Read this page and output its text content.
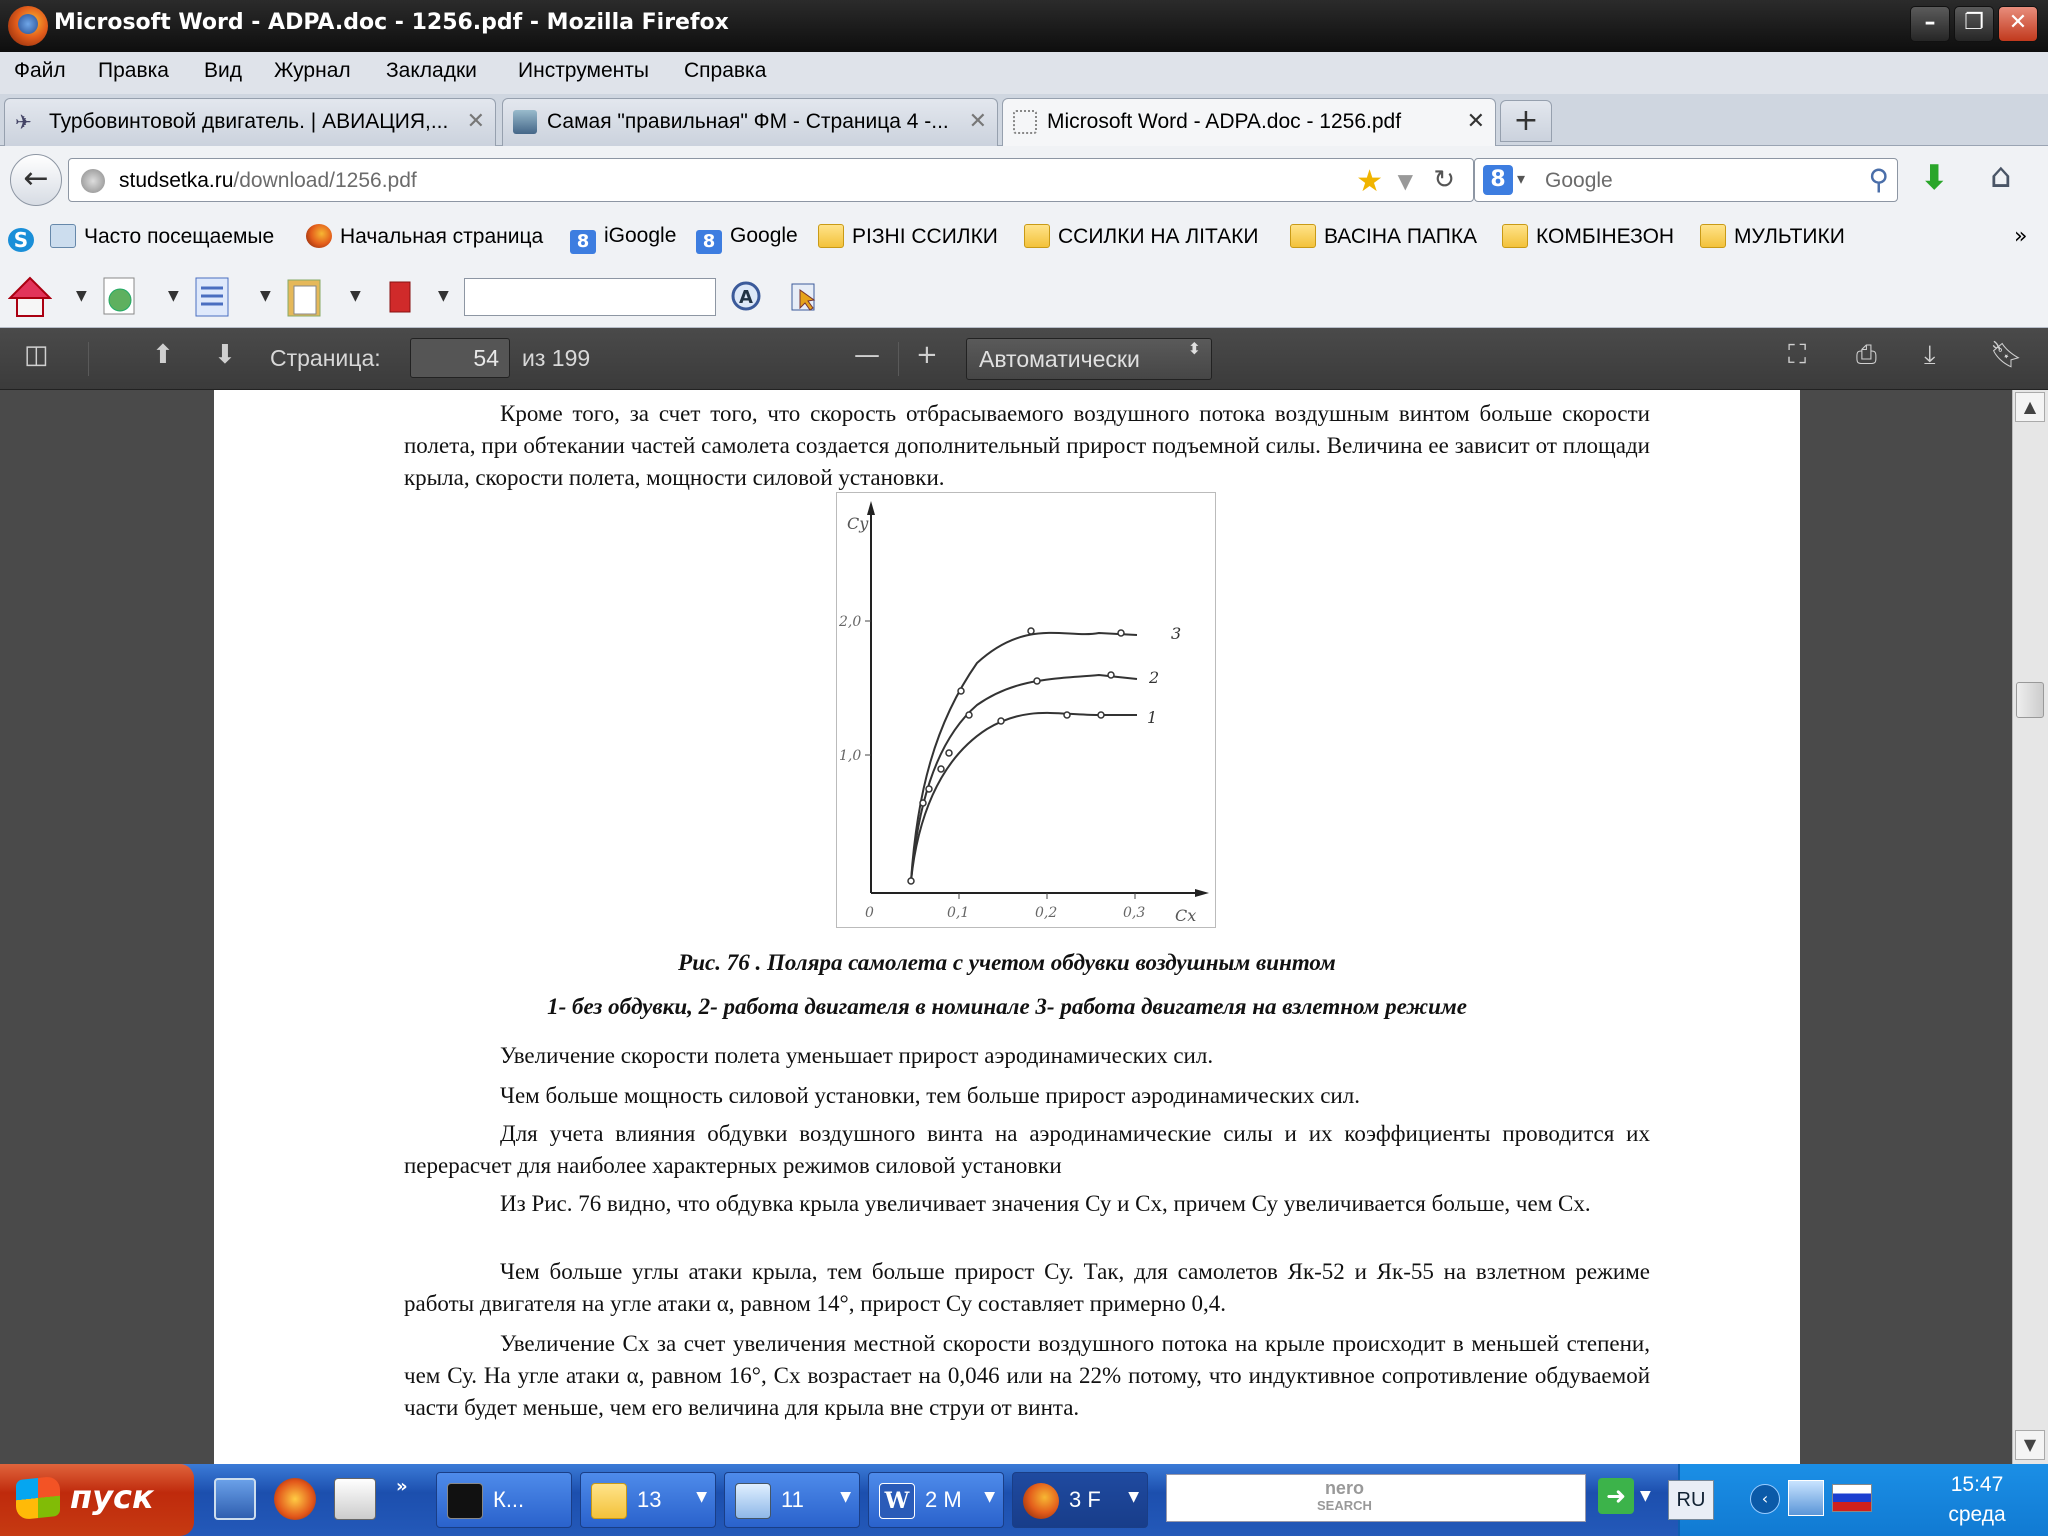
Microsoft Word - ADPA.doc - 1256.pdf - Mozilla Firefox	–	❐	✕
Файл Правка Вид Журнал Закладки Инструменты Справка
✈ Турбовинтовой двигатель. | АВИАЦИЯ,... ✕	Самая "правильная" ФМ - Страница 4 -... ✕	Microsoft Word - ADPA.doc - 1256.pdf	✕ +
←	studsetka.ru/download/1256.pdf	★ ▼ ↻	8 ▾ Google	⚲ ⬇ ⌂
S	Часто посещаемые	Начальная страница	8 iGoogle	8 Google	РІЗНІ ССИЛКИ	ССИЛКИ НА ЛІТАКИ	ВАСІНА ПАПКА	КОМБІНЕЗОН	МУЛЬТИКИ	»
▼	▼	▼	▼	▼	A
◫	⬆ ⬇ Страница:	54	из 199	— +	Автоматически	⬍	⛶ ⎙ ⤓ 🔖︎
Кроме того, за счет того, что скорость отбрасываемого воздушного потока воздушным винтом больше скорости полета, при обтекании частей самолета создается дополнительный прирост подъемной силы. Величина ее зависит от площади крыла, скорости полета, мощности силовой установки.
Cy
Cx
2,0
1,0
0	0,1	0,2	0,3
1
2
3
Рис. 76 . Поляра самолета с учетом обдувки воздушным винтом
1- без обдувки, 2- работа двигателя в номинале 3- работа двигателя на взлетном режиме
Увеличение скорости полета уменьшает прирост аэродинамических сил.
Чем больше мощность силовой установки, тем больше прирост аэродинамических сил.
Для учета влияния обдувки воздушного винта на аэродинамические силы и их коэффициенты проводится их перерасчет для наиболее характерных режимов силовой установки
Из Рис. 76 видно, что обдувка крыла увеличивает значения Су и Сх, причем Су увеличивается больше, чем Сх.
Чем больше углы атаки крыла, тем больше прирост Су. Так, для самолетов Як-52 и Як-55 на взлетном режиме работы двигателя на угле атаки α, равном 14°, прирост Су составляет примерно 0,4.
Увеличение Сх за счет увеличения местной скорости воздушного потока на крыле происходит в меньшей степени, чем Су. На угле атаки α, равном 16°, Сх возрастает на 0,046 или на 22% потому, что индуктивное сопротивление обдуваемой части будет меньше, чем его величина для крыла вне струи от винта.
▲
▼
пуск	»
К...	13 ▼	11	▼ W 2 М ▼	3 F ▼	nero
SEARCH	➜ ▼	‹
15:47
среда
RU
